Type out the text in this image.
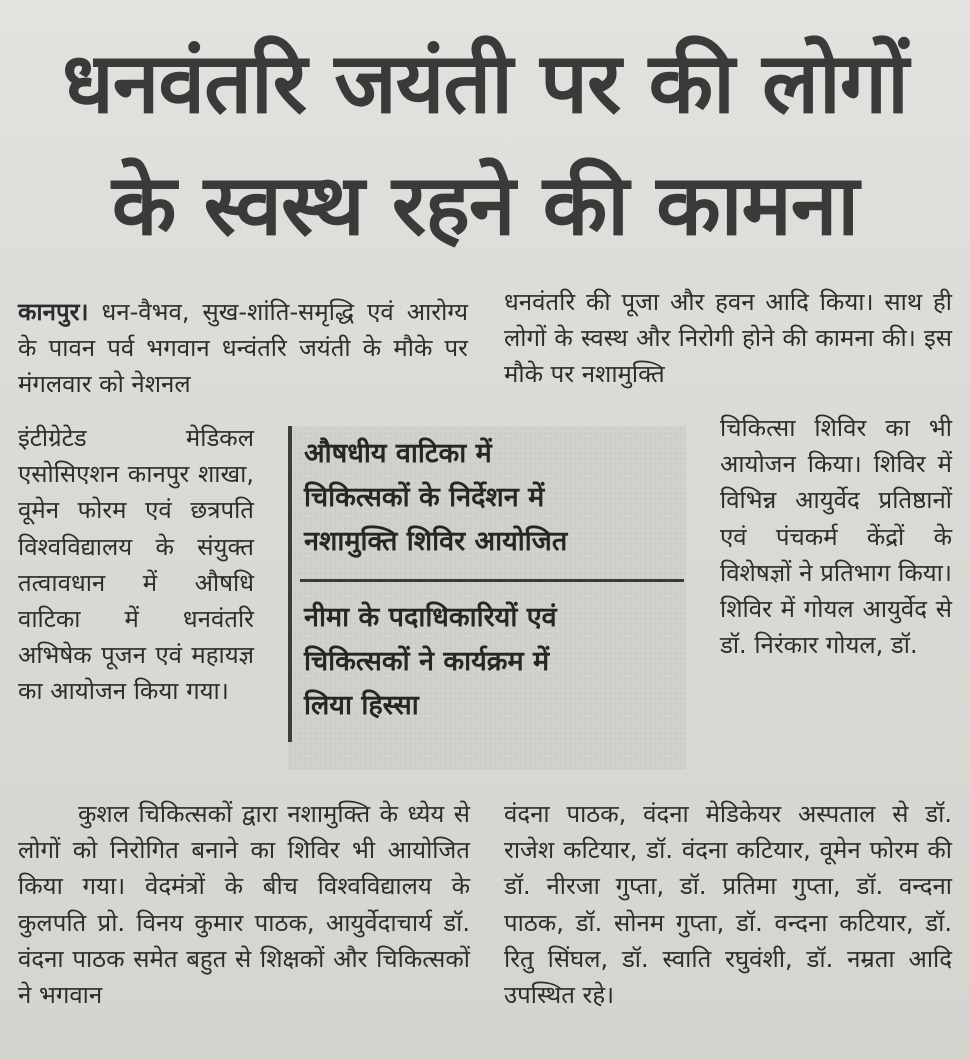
धनवंतरि जयंती पर की लोगों
के स्वस्थ रहने की कामना

कानपुर। धन-वैभव, सुख-शांति-समृद्धि एवं आरोग्य के पावन पर्व भगवान धन्वंतरि जयंती के मौके पर मंगलवार को नेशनल

इंटीग्रेटेड मेडिकल एसोसिएशन कानपुर शाखा, वूमेन फोरम एवं छत्रपति विश्वविद्यालय के संयुक्त तत्वावधान में औषधि वाटिका में धनवंतरि अभिषेक पूजन एवं महायज्ञ का आयोजन किया गया।

कुशल चिकित्सकों द्वारा नशामुक्ति के ध्येय से लोगों को निरोगित बनाने का शिविर भी आयोजित किया गया। वेदमंत्रों के बीच विश्वविद्यालय के कुलपति प्रो. विनय कुमार पाठक, आयुर्वेदाचार्य डॉ. वंदना पाठक समेत बहुत से शिक्षकों और चिकित्सकों ने भगवान

धनवंतरि की पूजा और हवन आदि किया। साथ ही लोगों के स्वस्थ और निरोगी होने की कामना की। इस मौके पर नशामुक्ति

चिकित्सा शिविर का भी आयोजन किया। शिविर में विभिन्न आयुर्वेद प्रतिष्ठानों एवं पंचकर्म केंद्रों के विशेषज्ञों ने प्रतिभाग किया। शिविर में गोयल आयुर्वेद से डॉ. निरंकार गोयल, डॉ.

वंदना पाठक, वंदना मेडिकेयर अस्पताल से डॉ. राजेश कटियार, डॉ. वंदना कटियार, वूमेन फोरम की डॉ. नीरजा गुप्ता, डॉ. प्रतिमा गुप्ता, डॉ. वन्दना पाठक, डॉ. सोनम गुप्ता, डॉ. वन्दना कटियार, डॉ. रितु सिंघल, डॉ. स्वाति रघुवंशी, डॉ. नम्रता आदि उपस्थित रहे।

औषधीय वाटिका में
चिकित्सकों के निर्देशन में
नशामुक्ति शिविर आयोजित
नीमा के पदाधिकारियों एवं
चिकित्सकों ने कार्यक्रम में
लिया हिस्सा
